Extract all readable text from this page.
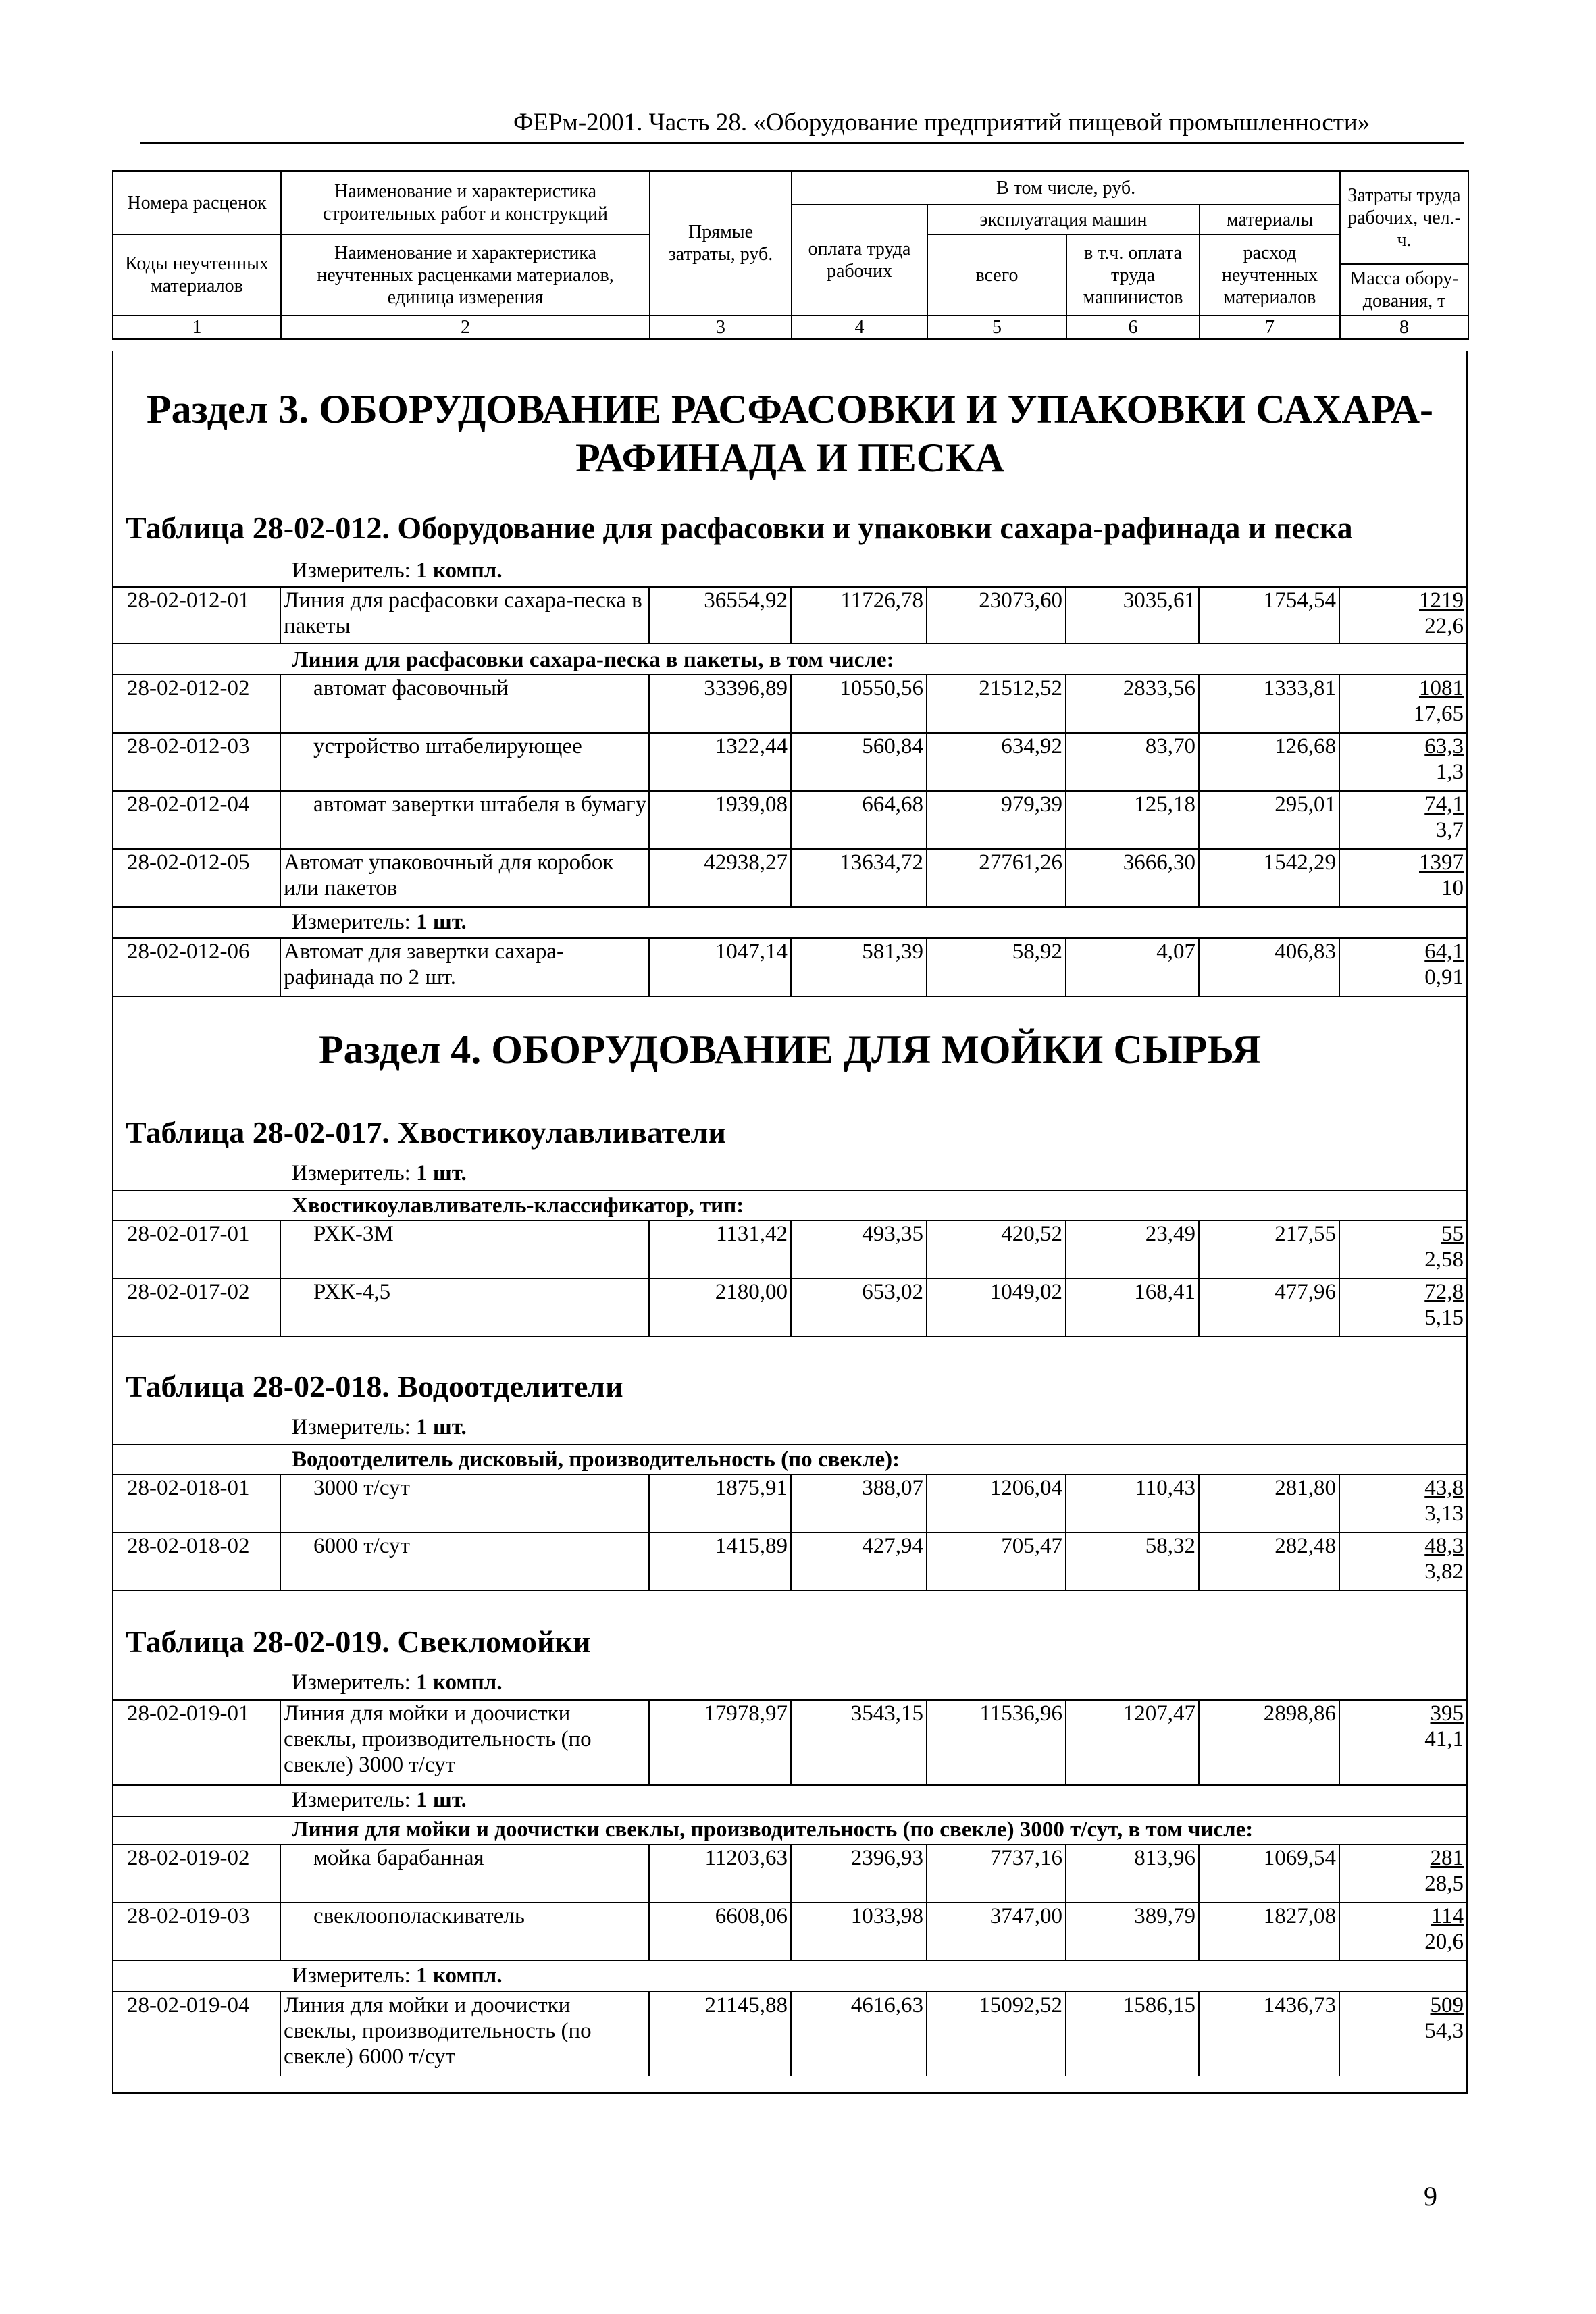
ФЕРм-2001. Часть 28. «Оборудование предприятий пищевой промышленности»
Номера расценок	Наименование и характеристика строительных работ и конструкций	Прямые затраты, руб.	В том числе, руб.				Затраты труда рабочих, чел.-ч.
			оплата труда рабочих	эксплуатация машин		материалы	
Коды неучтенных материалов	Наименование и характеристика неучтенных расценками материалов, единица измерения			всего	в т.ч. оплата труда машинистов	расход неучтенных материалов	
							Масса обору-дования, т
1	2	3	4	5	6	7	8
Раздел 3. ОБОРУДОВАНИЕ РАСФАСОВКИ И УПАКОВКИ САХАРА-РАФИНАДА И ПЕСКА
Таблица 28-02-012. Оборудование для расфасовки и упаковки сахара-рафинада и песка
Измеритель: 1 компл.
28-02-012-01	Линия для расфасовки сахара-песка в пакеты	36554,92	11726,78	23073,60	3035,61	1754,54	1219
22,6
Линия для расфасовки сахара-песка в пакеты, в том числе:
28-02-012-02	автомат фасовочный	33396,89	10550,56	21512,52	2833,56	1333,81	1081
17,65
28-02-012-03	устройство штабелирующее	1322,44	560,84	634,92	83,70	126,68	63,3
1,3
28-02-012-04	автомат завертки штабеля в бумагу	1939,08	664,68	979,39	125,18	295,01	74,1
3,7
28-02-012-05	Автомат упаковочный для коробок или пакетов	42938,27	13634,72	27761,26	3666,30	1542,29	1397
10
Измеритель: 1 шт.
28-02-012-06	Автомат для завертки сахара-рафинада по 2 шт.	1047,14	581,39	58,92	4,07	406,83	64,1
0,91
Раздел 4. ОБОРУДОВАНИЕ ДЛЯ МОЙКИ СЫРЬЯ
Таблица 28-02-017. Хвостикоулавливатели
Измеритель: 1 шт.
Хвостикоулавливатель-классификатор, тип:
28-02-017-01	РХК-3М	1131,42	493,35	420,52	23,49	217,55	55
2,58
28-02-017-02	РХК-4,5	2180,00	653,02	1049,02	168,41	477,96	72,8
5,15
Таблица 28-02-018. Водоотделители
Измеритель: 1 шт.
Водоотделитель дисковый, производительность (по свекле):
28-02-018-01	3000 т/сут	1875,91	388,07	1206,04	110,43	281,80	43,8
3,13
28-02-018-02	6000 т/сут	1415,89	427,94	705,47	58,32	282,48	48,3
3,82
Таблица 28-02-019. Свекломойки
Измеритель: 1 компл.
28-02-019-01	Линия для мойки и доочистки свеклы, производительность (по свекле) 3000 т/сут	17978,97	3543,15	11536,96	1207,47	2898,86	395
41,1
Измеритель: 1 шт.
Линия для мойки и доочистки свеклы, производительность (по свекле) 3000 т/сут, в том числе:
28-02-019-02	мойка барабанная	11203,63	2396,93	7737,16	813,96	1069,54	281
28,5
28-02-019-03	свеклоополаскиватель	6608,06	1033,98	3747,00	389,79	1827,08	114
20,6
Измеритель: 1 компл.
28-02-019-04	Линия для мойки и доочистки свеклы, производительность (по свекле) 6000 т/сут	21145,88	4616,63	15092,52	1586,15	1436,73	509
54,3
9
